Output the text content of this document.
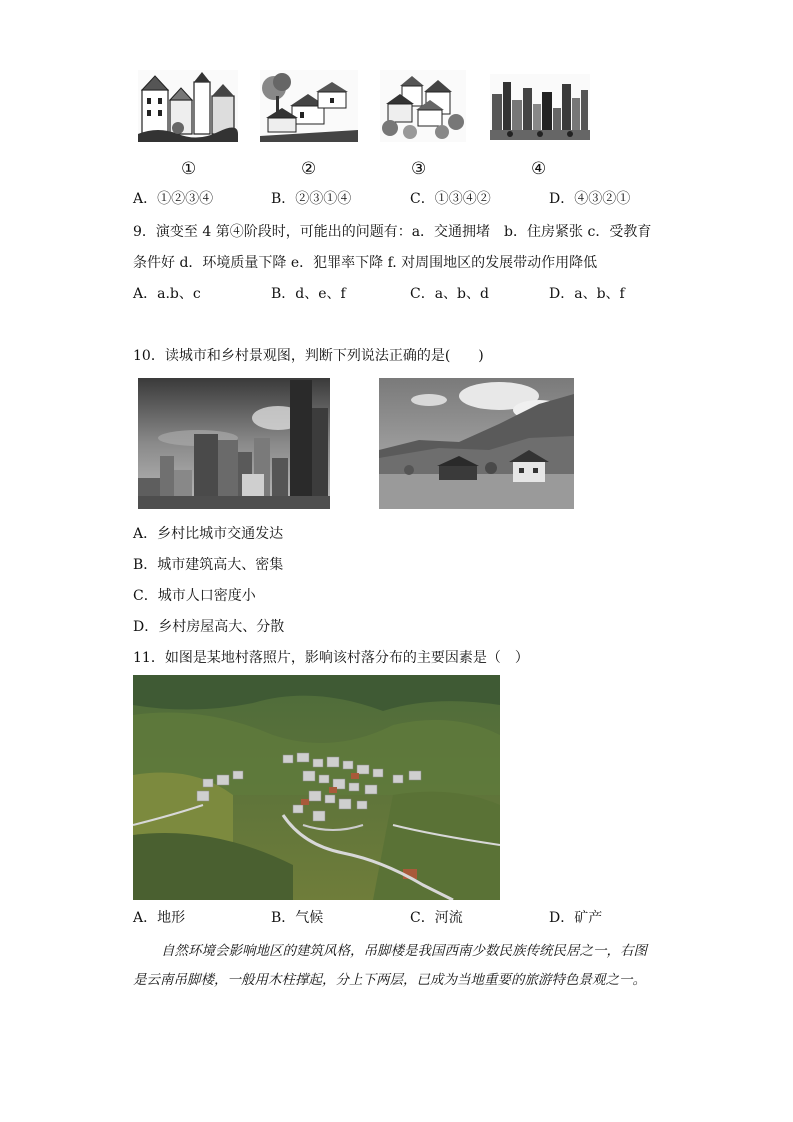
①	②	③	④
A．①②③④	B．②③①④	C．①③④②	D．④③②①
9．演变至 4 第④阶段时，可能出的问题有：a．交通拥堵　b．住房紧张 c．受教育
条件好 d．环境质量下降 e．犯罪率下降 f. 对周围地区的发展带动作用降低
A．a.b、c	B．d、e、f	C．a、b、d	D．a、b、f
10．读城市和乡村景观图，判断下列说法正确的是(　　)
A．乡村比城市交通发达
B．城市建筑高大、密集
C．城市人口密度小
D．乡村房屋高大、分散
11．如图是某地村落照片，影响该村落分布的主要因素是（　）
A．地形	B．气候	C．河流	D．矿产
自然环境会影响地区的建筑风格，吊脚楼是我国西南少数民族传统民居之一，右图
是云南吊脚楼，一般用木柱撑起，分上下两层，已成为当地重要的旅游特色景观之一。
